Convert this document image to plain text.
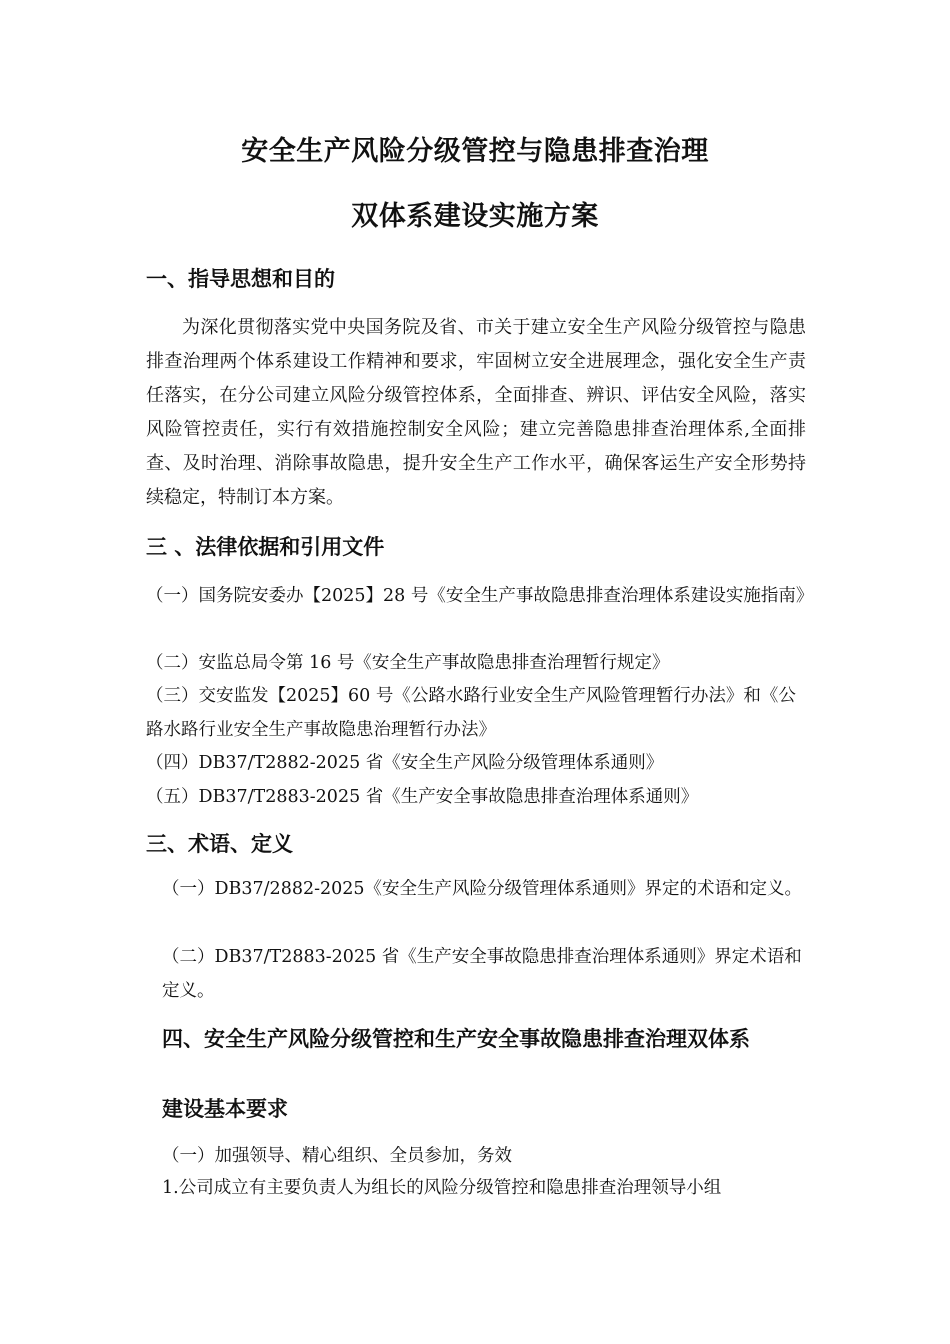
安全生产风险分级管控与隐患排查治理
双体系建设实施方案
一、指导思想和目的

为深化贯彻落实党中央国务院及省、市关于建立安全生产风险分级管控与隐患排查治理两个体系建设工作精神和要求，牢固树立安全进展理念，强化安全生产责任落实，在分公司建立风险分级管控体系，全面排查、辨识、评估安全风险，落实风险管控责任，实行有效措施控制安全风险；建立完善隐患排查治理体系,全面排查、及时治理、消除事故隐患，提升安全生产工作水平，确保客运生产安全形势持续稳定，特制订本方案。

三 、法律依据和引用文件

（一）国务院安委办【2025】28 号《安全生产事故隐患排查治理体系建设实施指南》

（二）安监总局令第 16 号《安全生产事故隐患排查治理暂行规定》

（三）交安监发【2025】60 号《公路水路行业安全生产风险管理暂行办法》和《公路水路行业安全生产事故隐患治理暂行办法》

（四）DB37/T2882-2025 省《安全生产风险分级管理体系通则》

（五）DB37/T2883-2025 省《生产安全事故隐患排查治理体系通则》

三、术语、定义

（一）DB37/2882-2025《安全生产风险分级管理体系通则》界定的术语和定义。

（二）DB37/T2883-2025 省《生产安全事故隐患排查治理体系通则》界定术语和定义。

四、安全生产风险分级管控和生产安全事故隐患排查治理双体系
建设基本要求

（一）加强领导、精心组织、全员参加，务效

1.公司成立有主要负责人为组长的风险分级管控和隐患排查治理领导小组
